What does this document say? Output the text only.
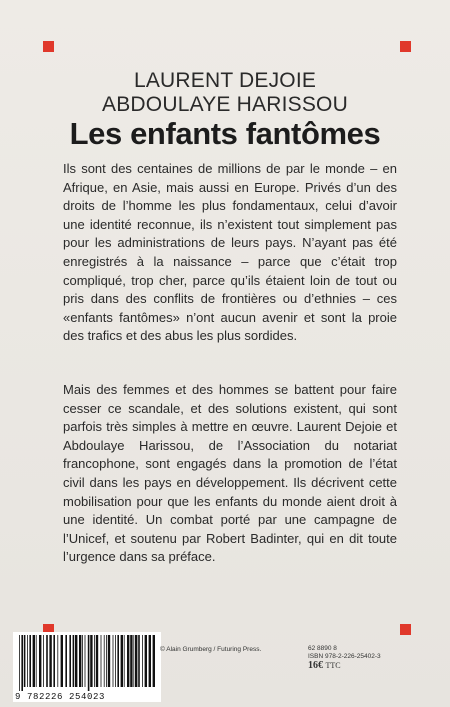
LAURENT DEJOIE
ABDOULAYE HARISSOU
Les enfants fantômes
Ils sont des centaines de millions de par le monde – en Afrique, en Asie, mais aussi en Europe. Privés d’un des droits de l’homme les plus fondamentaux, celui d’avoir une identité reconnue, ils n’existent tout simplement pas pour les administrations de leurs pays. N’ayant pas été enregistrés à la naissance – parce que c’était trop compliqué, trop cher, parce qu’ils étaient loin de tout ou pris dans des conflits de frontières ou d’ethnies – ces «enfants fantômes» n’ont aucun avenir et sont la proie des trafics et des abus les plus sordides.
Mais des femmes et des hommes se battent pour faire cesser ce scandale, et des solutions existent, qui sont parfois très simples à mettre en œuvre. Laurent Dejoie et Abdoulaye Harissou, de l’Association du notariat francophone, sont engagés dans la promotion de l’état civil dans les pays en développement. Ils décrivent cette mobilisation pour que les enfants du monde aient droit à une identité. Un combat porté par une campagne de l’Unicef, et soutenu par Robert Badinter, qui en dit toute l’urgence dans sa préface.
9 782226 254023
© Alain Grumberg / Futuring Press.	62 8890 8
ISBN 978-2-226-25402-3
16€ TTC
